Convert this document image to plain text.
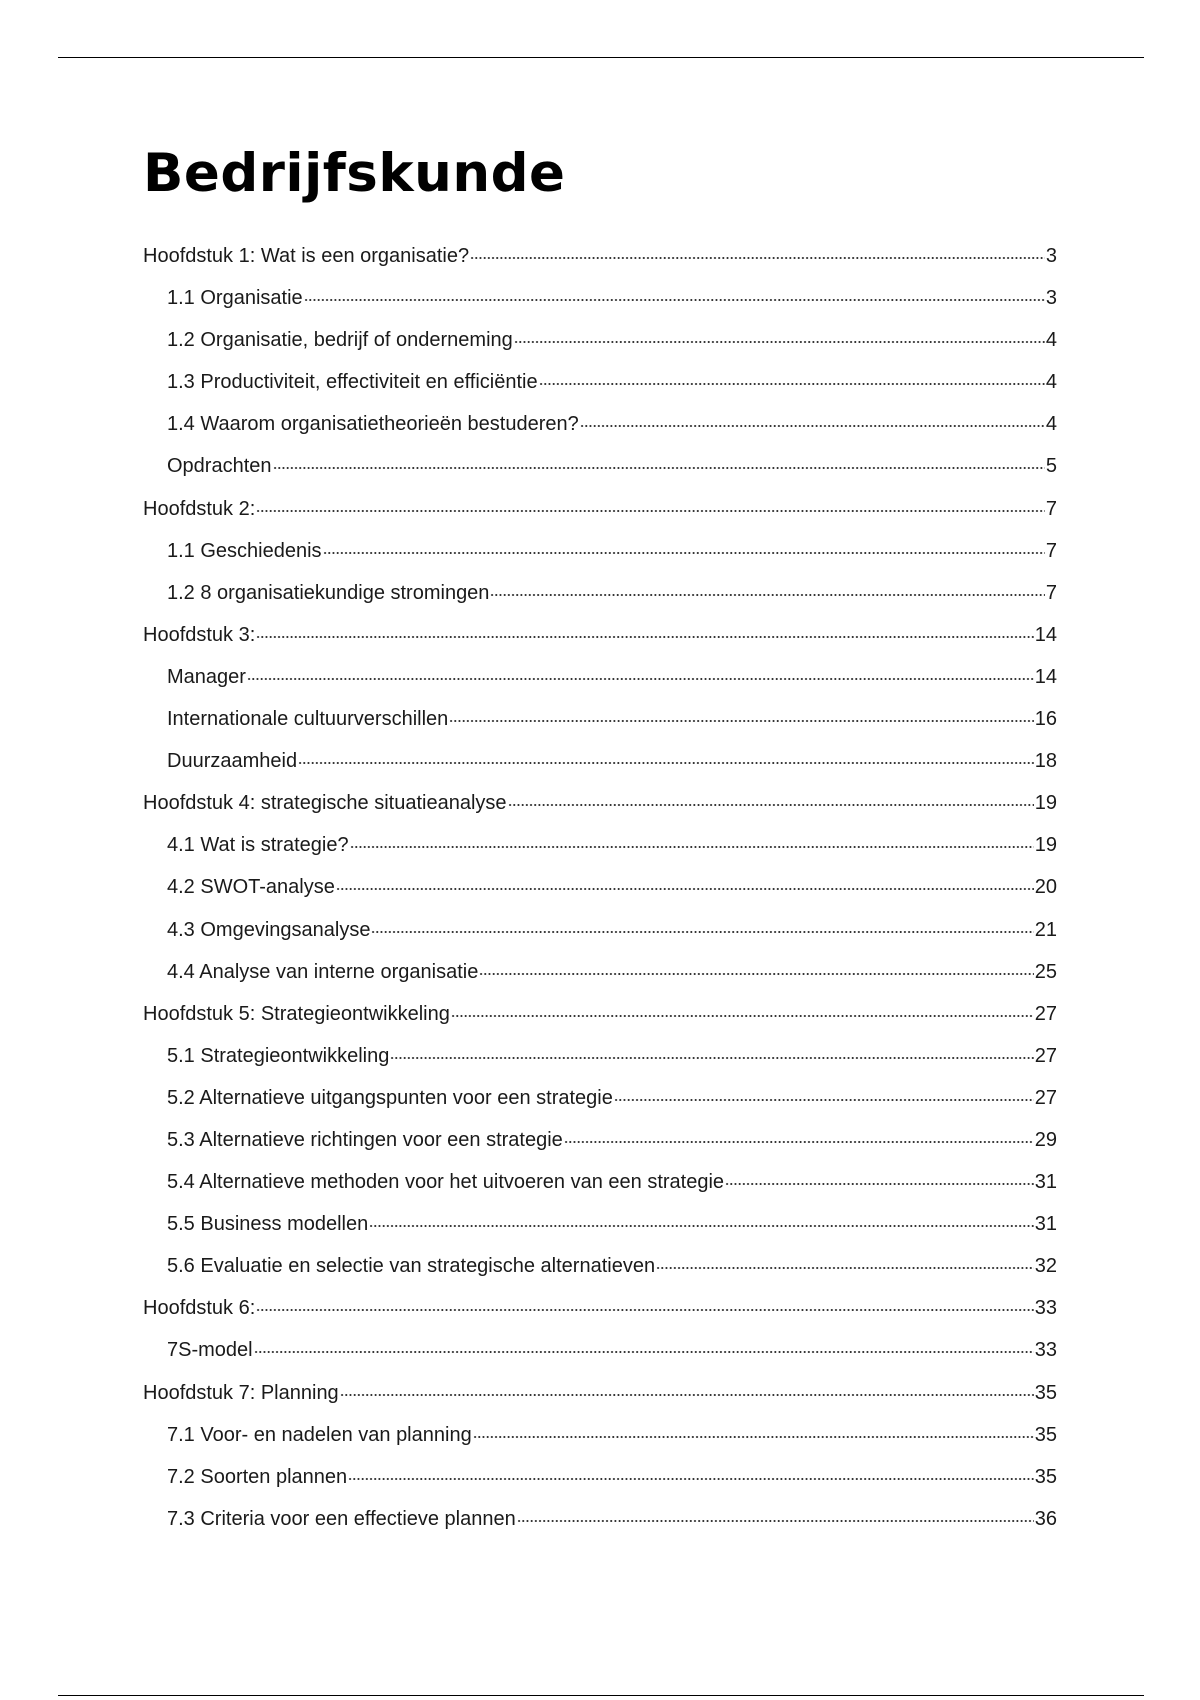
Bedrijfskunde
Hoofdstuk 1: Wat is een organisatie?	3
1.1 Organisatie	3
1.2 Organisatie, bedrijf of onderneming	4
1.3 Productiviteit, effectiviteit en efficiëntie	4
1.4 Waarom organisatietheorieën bestuderen?	4
Opdrachten	5
Hoofdstuk 2:	7
1.1 Geschiedenis	7
1.2 8 organisatiekundige stromingen	7
Hoofdstuk 3:	14
Manager	14
Internationale cultuurverschillen	16
Duurzaamheid	18
Hoofdstuk 4: strategische situatieanalyse	19
4.1 Wat is strategie?	19
4.2 SWOT-analyse	20
4.3 Omgevingsanalyse	21
4.4 Analyse van interne organisatie	25
Hoofdstuk 5: Strategieontwikkeling	27
5.1 Strategieontwikkeling	27
5.2 Alternatieve uitgangspunten voor een strategie	27
5.3 Alternatieve richtingen voor een strategie	29
5.4 Alternatieve methoden voor het uitvoeren van een strategie	31
5.5 Business modellen	31
5.6 Evaluatie en selectie van strategische alternatieven	32
Hoofdstuk 6:	33
7S-model	33
Hoofdstuk 7: Planning	35
7.1 Voor- en nadelen van planning	35
7.2 Soorten plannen	35
7.3 Criteria voor een effectieve plannen	36
